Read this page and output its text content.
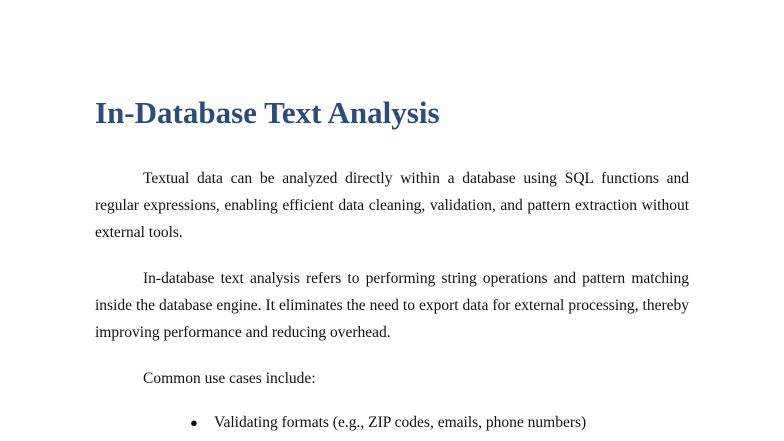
In-Database Text Analysis

Textual data can be analyzed directly within a database using SQL functions and regular expressions, enabling efficient data cleaning, validation, and pattern extraction without external tools.

In-database text analysis refers to performing string operations and pattern matching inside the database engine. It eliminates the need to export data for external processing, thereby improving performance and reducing overhead.

Common use cases include:

●	Validating formats (e.g., ZIP codes, emails, phone numbers)
